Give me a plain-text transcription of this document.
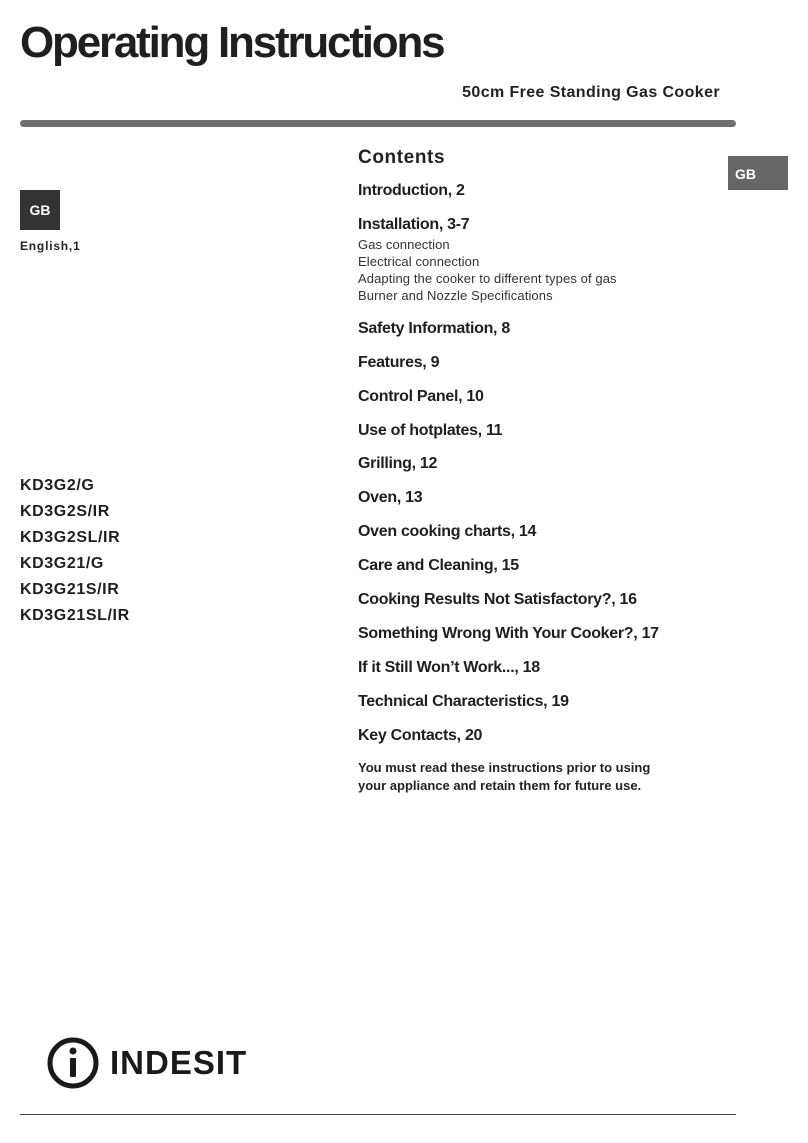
Operating Instructions
50cm Free Standing Gas Cooker
GB
GB
English,1
KD3G2/G
KD3G2S/IR
KD3G2SL/IR
KD3G21/G
KD3G21S/IR
KD3G21SL/IR
Contents
Introduction, 2
Installation, 3-7
Gas connection
Electrical connection
Adapting the cooker to different types of gas
Burner and Nozzle Specifications
Safety Information, 8
Features, 9
Control Panel, 10
Use of hotplates, 11
Grilling, 12
Oven, 13
Oven cooking charts, 14
Care and Cleaning, 15
Cooking Results Not Satisfactory?, 16
Something Wrong With Your Cooker?, 17
If it Still Won’t Work..., 18
Technical Characteristics, 19
Key Contacts, 20
You must read these instructions prior to using
your appliance and retain them for future use.
INDESIT
